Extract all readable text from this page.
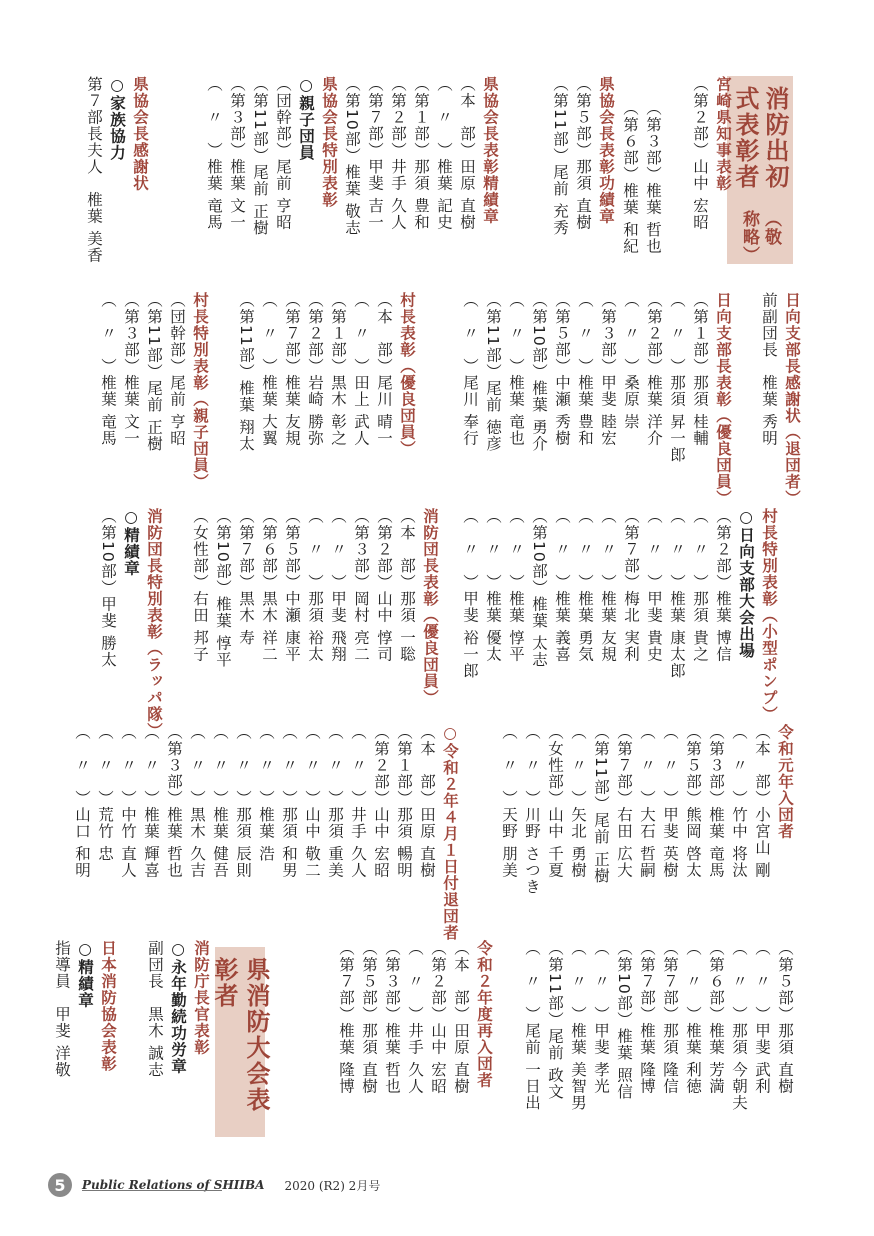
消防出初式表彰者
（敬称略）
県消防大会表彰者
宮崎県知事表彰
（第２部）山中 宏昭
（第３部）椎葉 哲也
（第６部）椎葉 和紀
県協会長表彰功績章
（第５部）那須 直樹
（第11部）尾前 充秀
県協会長表彰精績章
（本　部）田原 直樹
（　〃　）椎葉 記史
（第１部）那須 豊和
（第２部）井手 久人
（第７部）甲斐 吉一
（第10部）椎葉 敬志
県協会長特別表彰
○親子団員
（団幹部）尾前 亨昭
（第11部）尾前 正樹
（第３部）椎葉 文一
（　〃　）椎葉 竜馬
県協会長感謝状
○家族協力
第７部長夫人　椎葉 美香
日向支部長感謝状（退団者）
前副団長　椎葉 秀明
日向支部長表彰（優良団員）
（第１部）那須 桂輔
（　〃　）那須 昇一郎
（第２部）椎葉 洋介
（　〃　）桑原 崇
（第３部）甲斐 睦宏
（　〃　）椎葉 豊和
（第５部）中瀬 秀樹
（第10部）椎葉 勇介
（　〃　）椎葉 竜也
（第11部）尾前 徳彦
（　〃　）尾川 奉行
村長表彰（優良団員）
（本　部）尾川 晴一
（　〃　）田上 武人
（第１部）黒木 彰之
（第２部）岩崎 勝弥
（第７部）椎葉 友規
（　〃　）椎葉 大翼
（第11部）椎葉 翔太
村長特別表彰（親子団員）
（団幹部）尾前 亨昭
（第11部）尾前 正樹
（第３部）椎葉 文一
（　〃　）椎葉 竜馬
村長特別表彰（小型ポンプ）
○日向支部大会出場
（第２部）椎葉 博信
（　〃　）那須 貴之
（　〃　）椎葉 康太郎
（　〃　）甲斐 貴史
（第７部）梅北 実利
（　〃　）椎葉 友規
（　〃　）椎葉 勇気
（　〃　）椎葉 義喜
（第10部）椎葉 太志
（　〃　）椎葉 惇平
（　〃　）椎葉 優太
（　〃　）甲斐 裕一郎
消防団長表彰（優良団員）
（本　部）那須 一聡
（第２部）山中 惇司
（第３部）岡村 亮二
（　〃　）甲斐 飛翔
（　〃　）那須 裕太
（第５部）中瀬 康平
（第６部）黒木 祥二
（第７部）黒木 寿
（第10部）椎葉 惇平
（女性部）右田 邦子
消防団長特別表彰（ラッパ隊）
○精績章
（第10部）甲斐 勝太
令和元年入団者
（本　部）小宮山 剛
（　〃　）竹中 将汰
（第３部）椎葉 竜馬
（第５部）熊岡 啓太
（　〃　）甲斐 英樹
（　〃　）大石 哲嗣
（第７部）右田 広大
（第11部）尾前 正樹
（　〃　）矢北 勇樹
（女性部）山中 千夏
（　〃　）川野 さつき
（　〃　）天野 朋美
○令和２年４月１日付退団者
（本　部）田原 直樹
（第１部）那須 暢明
（第２部）山中 宏昭
（　〃　）井手 久人
（　〃　）那須 重美
（　〃　）山中 敬二
（　〃　）那須 和男
（　〃　）椎葉 浩
（　〃　）那須 辰則
（　〃　）椎葉 健吾
（　〃　）黒木 久吉
（第３部）椎葉 哲也
（　〃　）椎葉 輝喜
（　〃　）中竹 直人
（　〃　）荒竹 忠
（　〃　）山口 和明
（第５部）那須 直樹
（　〃　）甲斐 武利
（　〃　）那須 今朝夫
（第６部）椎葉 芳満
（　〃　）椎葉 利徳
（第７部）那須 隆信
（第７部）椎葉 隆博
（第10部）椎葉 照信
（　〃　）甲斐 孝光
（　〃　）椎葉 美智男
（第11部）尾前 政文
（　〃　）尾前 一日出
令和２年度再入団者
（本　部）田原 直樹
（第２部）山中 宏昭
（　〃　）井手 久人
（第３部）椎葉 哲也
（第５部）那須 直樹
（第７部）椎葉 隆博
消防庁長官表彰
○永年勤続功労章
副団長　黒木 誠志
日本消防協会表彰
○精績章
指導員　甲斐 洋敬
5	Public Relations of SHIIBA 2020 (R2) 2月号
